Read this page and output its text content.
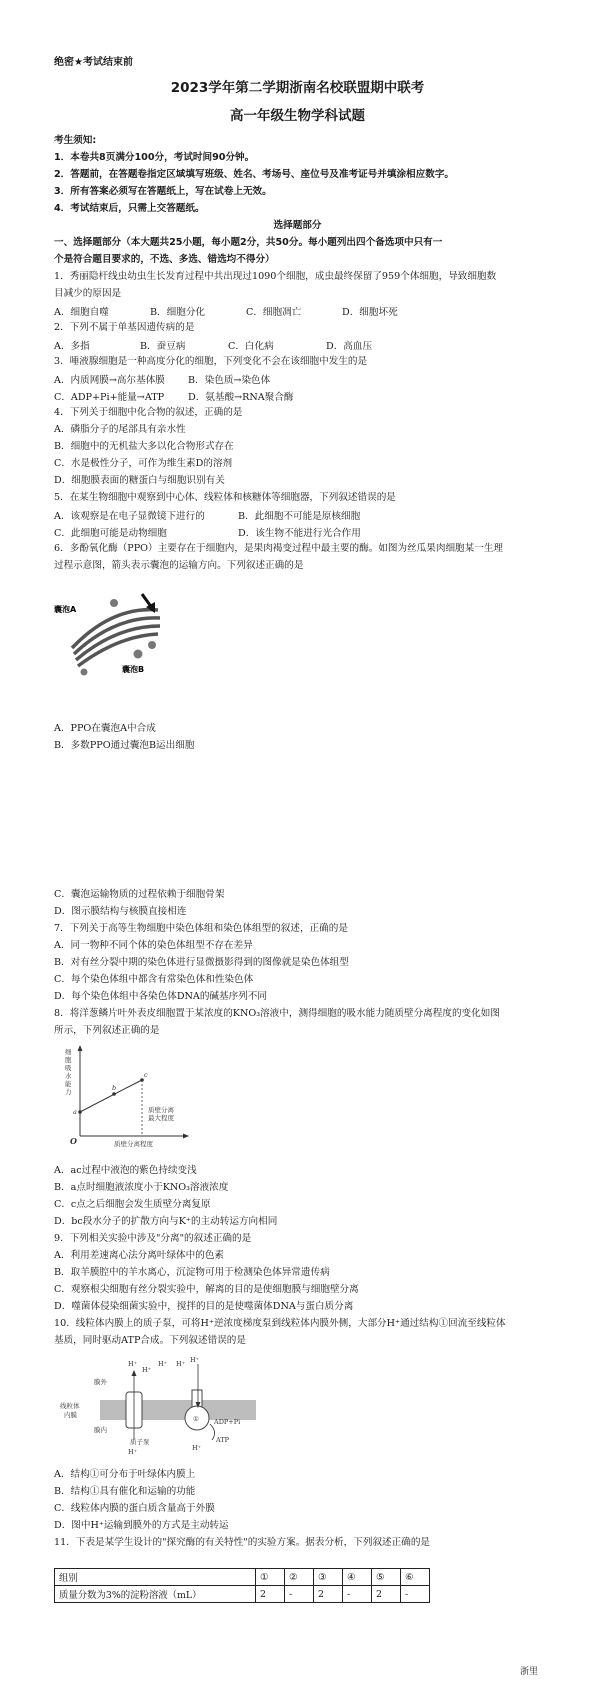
绝密★考试结束前
2023学年第二学期浙南名校联盟期中联考
高一年级生物学科试题
考生须知:
1．本卷共8页满分100分，考试时间90分钟。
2．答题前，在答题卷指定区域填写班级、姓名、考场号、座位号及准考证号并填涂相应数字。
3．所有答案必须写在答题纸上，写在试卷上无效。
4．考试结束后，只需上交答题纸。
选择题部分
一、选择题部分（本大题共25小题，每小题2分，共50分。每小题列出四个备选项中只有一
个是符合题目要求的，不选、多选、错选均不得分）
1．秀丽隐杆线虫幼虫生长发育过程中共出现过1090个细胞，成虫最终保留了959个体细胞，导致细胞数
目减少的原因是
A．细胞自噬	B．细胞分化	C．细胞凋亡	D．细胞坏死
2．下列不属于单基因遗传病的是
A．多指	B．蚕豆病	C．白化病	D．高血压
3．唾液腺细胞是一种高度分化的细胞，下列变化不会在该细胞中发生的是
A．内质网膜→高尔基体膜 B．染色质→染色体
C．ADP+Pi+能量→ATP D．氨基酸→RNA聚合酶
4．下列关于细胞中化合物的叙述，正确的是
A．磷脂分子的尾部具有亲水性
B．细胞中的无机盐大多以化合物形式存在
C．水是极性分子，可作为维生素D的溶剂
D．细胞膜表面的糖蛋白与细胞识别有关
5．在某生物细胞中观察到中心体、线粒体和核糖体等细胞器，下列叙述错误的是
A．该观察是在电子显微镜下进行的	B．此细胞不可能是原核细胞
C．此细胞可能是动物细胞	D．该生物不能进行光合作用
6．多酚氧化酶（PPO）主要存在于细胞内，是果肉褐变过程中最主要的酶。如图为丝瓜果肉细胞某一生理
过程示意图，箭头表示囊泡的运输方向。下列叙述正确的是
囊泡A
囊泡B
A．PPO在囊泡A中合成
B．多数PPO通过囊泡B运出细胞
C．囊泡运输物质的过程依赖于细胞骨架
D．图示膜结构与核膜直接相连
7．下列关于高等生物细胞中染色体组和染色体组型的叙述，正确的是
A．同一物种不同个体的染色体组型不存在差异
B．对有丝分裂中期的染色体进行显微摄影得到的图像就是染色体组型
C．每个染色体组中都含有常染色体和性染色体
D．每个染色体组中各染色体DNA的碱基序列不同
8．将洋葱鳞片叶外表皮细胞置于某浓度的KNO₃溶液中，测得细胞的吸水能力随质壁分离程度的变化如图
所示，下列叙述正确的是
细
胞
吸
水
能
力
a
b
c
质壁分离
最大程度
质壁分离程度
O
A．ac过程中液泡的紫色持续变浅
B．a点时细胞液浓度小于KNO₃溶液浓度
C．c点之后细胞会发生质壁分离复原
D．bc段水分子的扩散方向与K⁺的主动转运方向相同
9．下列相关实验中涉及"分离"的叙述正确的是
A．利用差速离心法分离叶绿体中的色素
B．取羊膜腔中的羊水离心，沉淀物可用于检测染色体异常遗传病
C．观察根尖细胞有丝分裂实验中，解离的目的是使细胞膜与细胞壁分离
D．噬菌体侵染细菌实验中，搅拌的目的是使噬菌体DNA与蛋白质分离
10．线粒体内膜上的质子泵，可将H⁺逆浓度梯度泵到线粒体内膜外侧，大部分H⁺通过结构①回流至线粒体
基质，同时驱动ATP合成。下列叙述错误的是
H⁺
H⁺
H⁺ H⁺ H⁺
H⁺	H⁺
膜外
线粒体
内膜
膜内
质子泵
① ADP+Pi
ATP
A．结构①可分布于叶绿体内膜上
B．结构①具有催化和运输的功能
C．线粒体内膜的蛋白质含量高于外膜
D．图中H⁺运输到膜外的方式是主动转运
11．下表是某学生设计的"探究酶的有关特性"的实验方案。据表分析，下列叙述正确的是
组别	①	②	③	④	⑤	⑥
质量分数为3%的淀粉溶液（mL）	2	-	2	-	2	-
浙里
